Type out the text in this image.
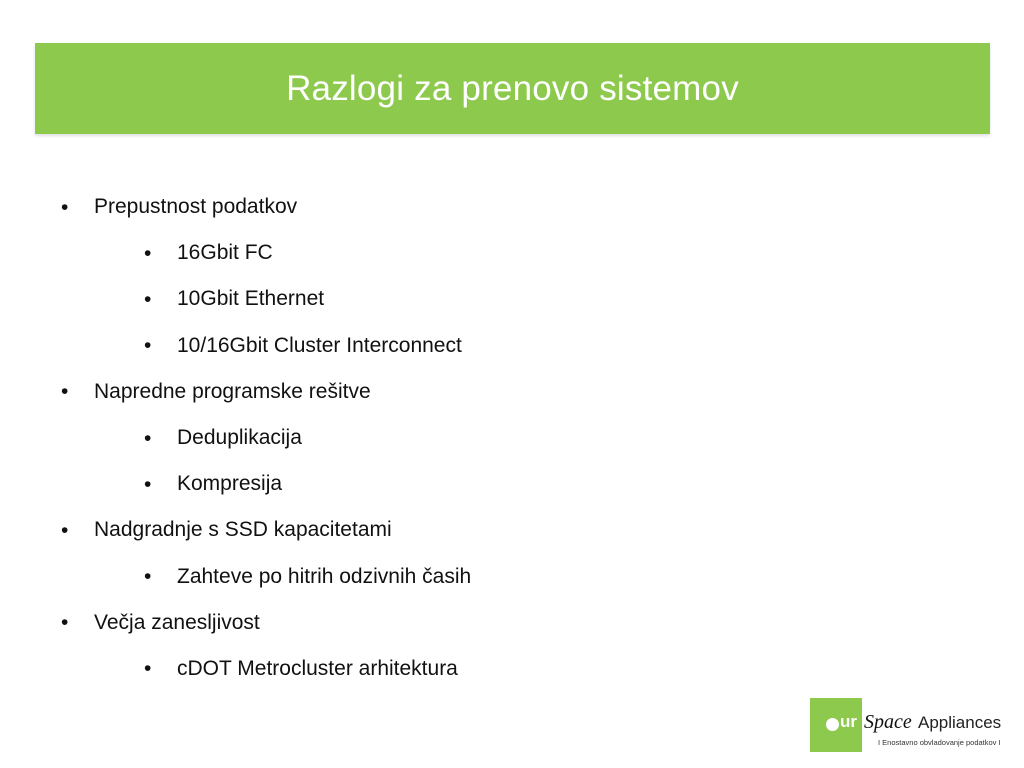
Razlogi za prenovo sistemov
• Prepustnost podatkov
• 16Gbit FC
• 10Gbit Ethernet
• 10/16Gbit Cluster Interconnect
• Napredne programske rešitve
• Deduplikacija
• Kompresija
• Nadgradnje s SSD kapacitetami
• Zahteve po hitrih odzivnih časih
• Večja zanesljivost
• cDOT Metrocluster arhitektura
ur Space Appliances
I Enostavno obvladovanje podatkov I
